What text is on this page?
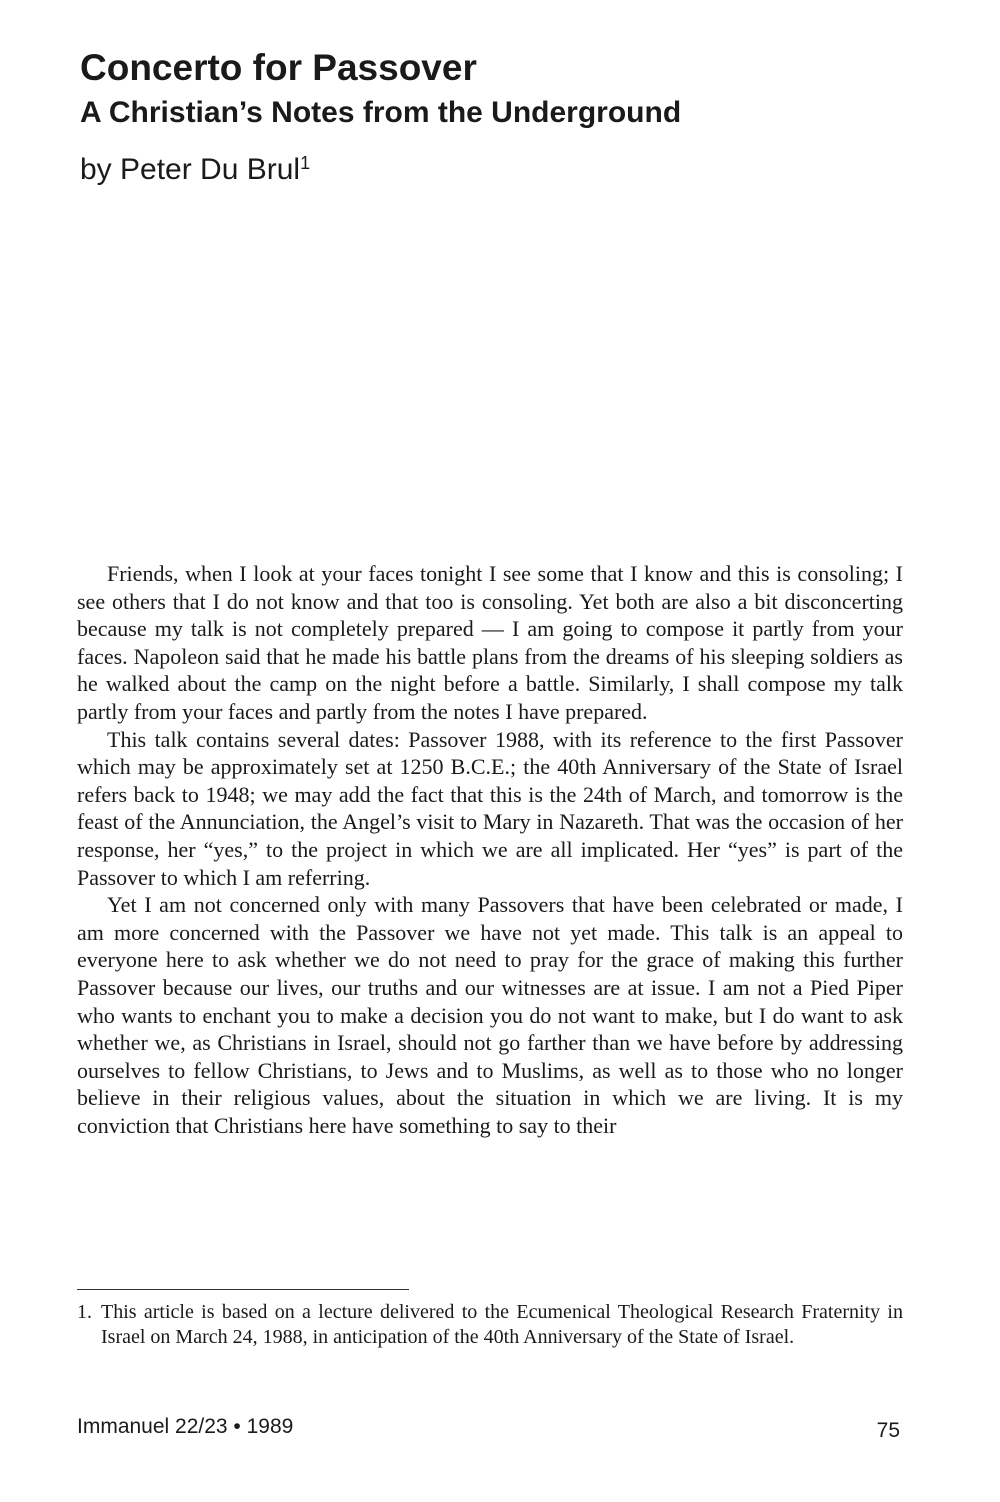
Concerto for Passover
A Christian’s Notes from the Underground
by Peter Du Brul$^1$

Friends, when I look at your faces tonight I see some that I know and this is consoling; I see others that I do not know and that too is consoling. Yet both are also a bit disconcerting because my talk is not completely prepared — I am going to compose it partly from your faces. Napoleon said that he made his battle plans from the dreams of his sleeping soldiers as he walked about the camp on the night before a battle. Similarly, I shall compose my talk partly from your faces and partly from the notes I have prepared.

This talk contains several dates: Passover 1988, with its reference to the first Passover which may be approximately set at 1250 B.C.E.; the 40th Anniversary of the State of Israel refers back to 1948; we may add the fact that this is the 24th of March, and tomorrow is the feast of the Annunciation, the Angel’s visit to Mary in Nazareth. That was the occasion of her response, her “yes,” to the project in which we are all implicated. Her “yes” is part of the Passover to which I am referring.

Yet I am not concerned only with many Passovers that have been celebrated or made, I am more concerned with the Passover we have not yet made. This talk is an appeal to everyone here to ask whether we do not need to pray for the grace of making this further Passover because our lives, our truths and our witnesses are at issue. I am not a Pied Piper who wants to enchant you to make a decision you do not want to make, but I do want to ask whether we, as Christians in Israel, should not go farther than we have before by addressing ourselves to fellow Christians, to Jews and to Muslims, as well as to those who no longer believe in their religious values, about the situation in which we are living. It is my conviction that Christians here have something to say to their

1. This article is based on a lecture delivered to the Ecumenical Theological Research Fraternity in Israel on March 24, 1988, in anticipation of the 40th Anniversary of the State of Israel.
Immanuel 22/23 • 1989	75
